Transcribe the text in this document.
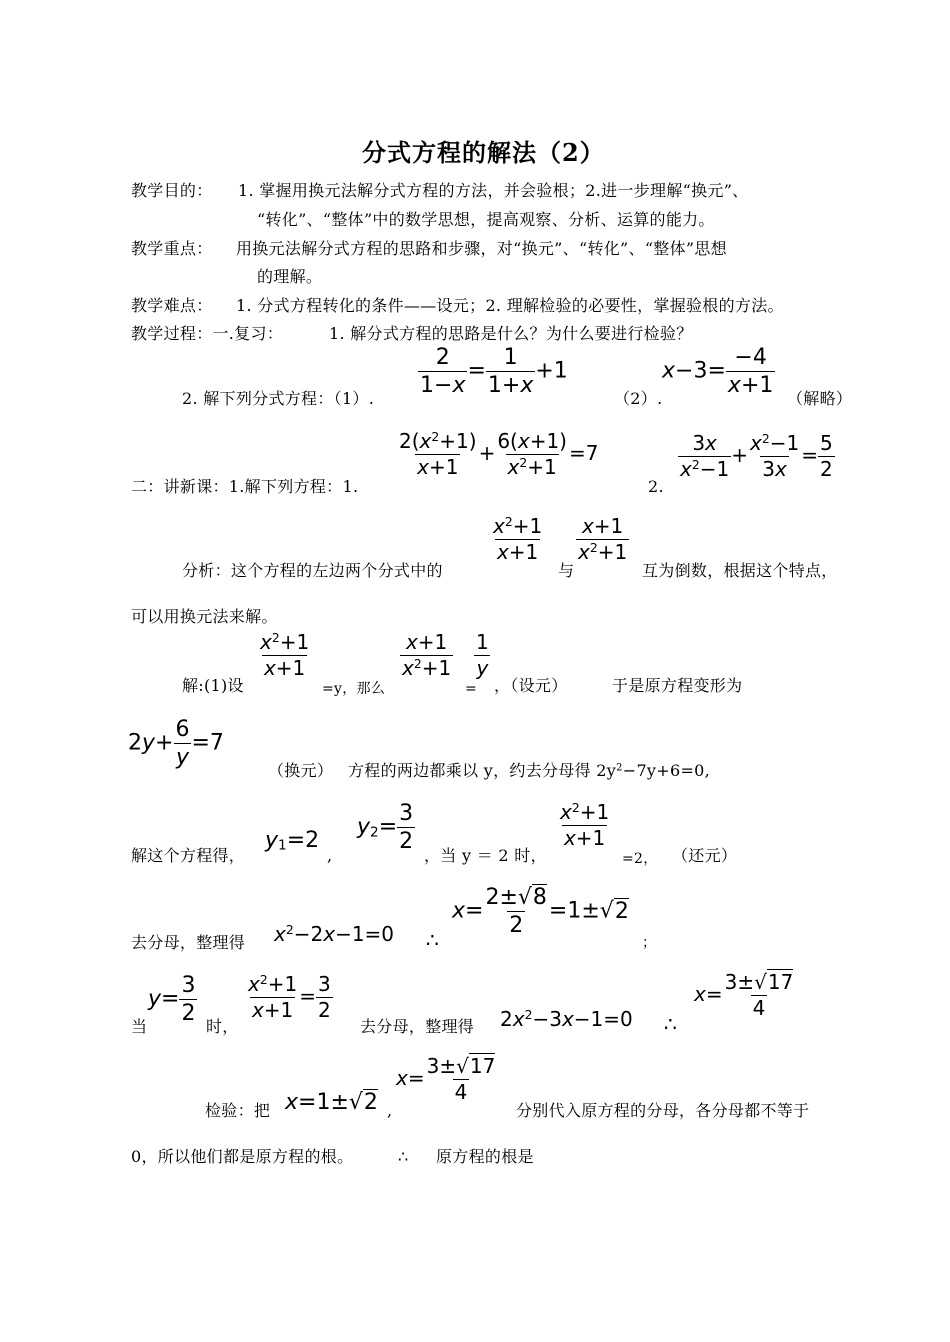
分式方程的解法（2）
教学目的： 1. 掌握用换元法解分式方程的方法，并会验根；2.进一步理解“换元”、
“转化”、“整体”中的数学思想，提高观察、分析、运算的能力。
教学重点： 用换元法解分式方程的思路和步骤，对“换元”、“转化”、“整体”思想
的理解。
教学难点： 1. 分式方程转化的条件——设元；2. 理解检验的必要性，掌握验根的方法。
教学过程：一.复习：	1. 解分式方程的思路是什么？为什么要进行检验？
2. 解下列分式方程：（1）.
$\frac{2}{1-x} = \frac{1}{1+x} +1$
（2）.
$x-3= \frac{-4}{x+1}$
（解略）
二：讲新课：1.解下列方程：1.
$\frac{2(x^2+1)}{x+1} + \frac{6(x+1)}{x^2+1} =7$
2.
$\frac{3x}{x^2-1} + \frac{x^2-1}{3x} = \frac{5}{2}$
分析：这个方程的左边两个分式中的
$\frac{x^2+1}{x+1}$
与
$\frac{x+1}{x^2+1}$
互为倒数，根据这个特点，
可以用换元法来解。
解:(1)设
$\frac{x^2+1}{x+1}$
=y，那么
$\frac{x+1}{x^2+1}$
=
$\frac{1}{y}$
，（设元）	于是原方程变形为
$2y+ \frac{6}{y} =7$
（换元） 方程的两边都乘以 y，约去分母得 $2y^2-7y+6=0$,
解这个方程得，
$y_1=2$
,
$y_2= \frac{3}{2}$
，当 y ＝ 2 时，
$\frac{x^2+1}{x+1}$
=2， （还元）
去分母，整理得 $x^2-2x-1=0$ ∴
$x= \frac{2\pm√8}{2} =1\pm√2$
；
当
$y= \frac{3}{2}$
时，
$\frac{x^2+1}{x+1} = \frac{3}{2}$
去分母，整理得 $2x^2-3x-1=0$ ∴
$x= \frac{3\pm√17}{4}$
检验：把 x=1±√2 ,
$x= \frac{3\pm√17}{4}$
分别代入原方程的分母，各分母都不等于
0，所以他们都是原方程的根。	∴ 原方程的根是
